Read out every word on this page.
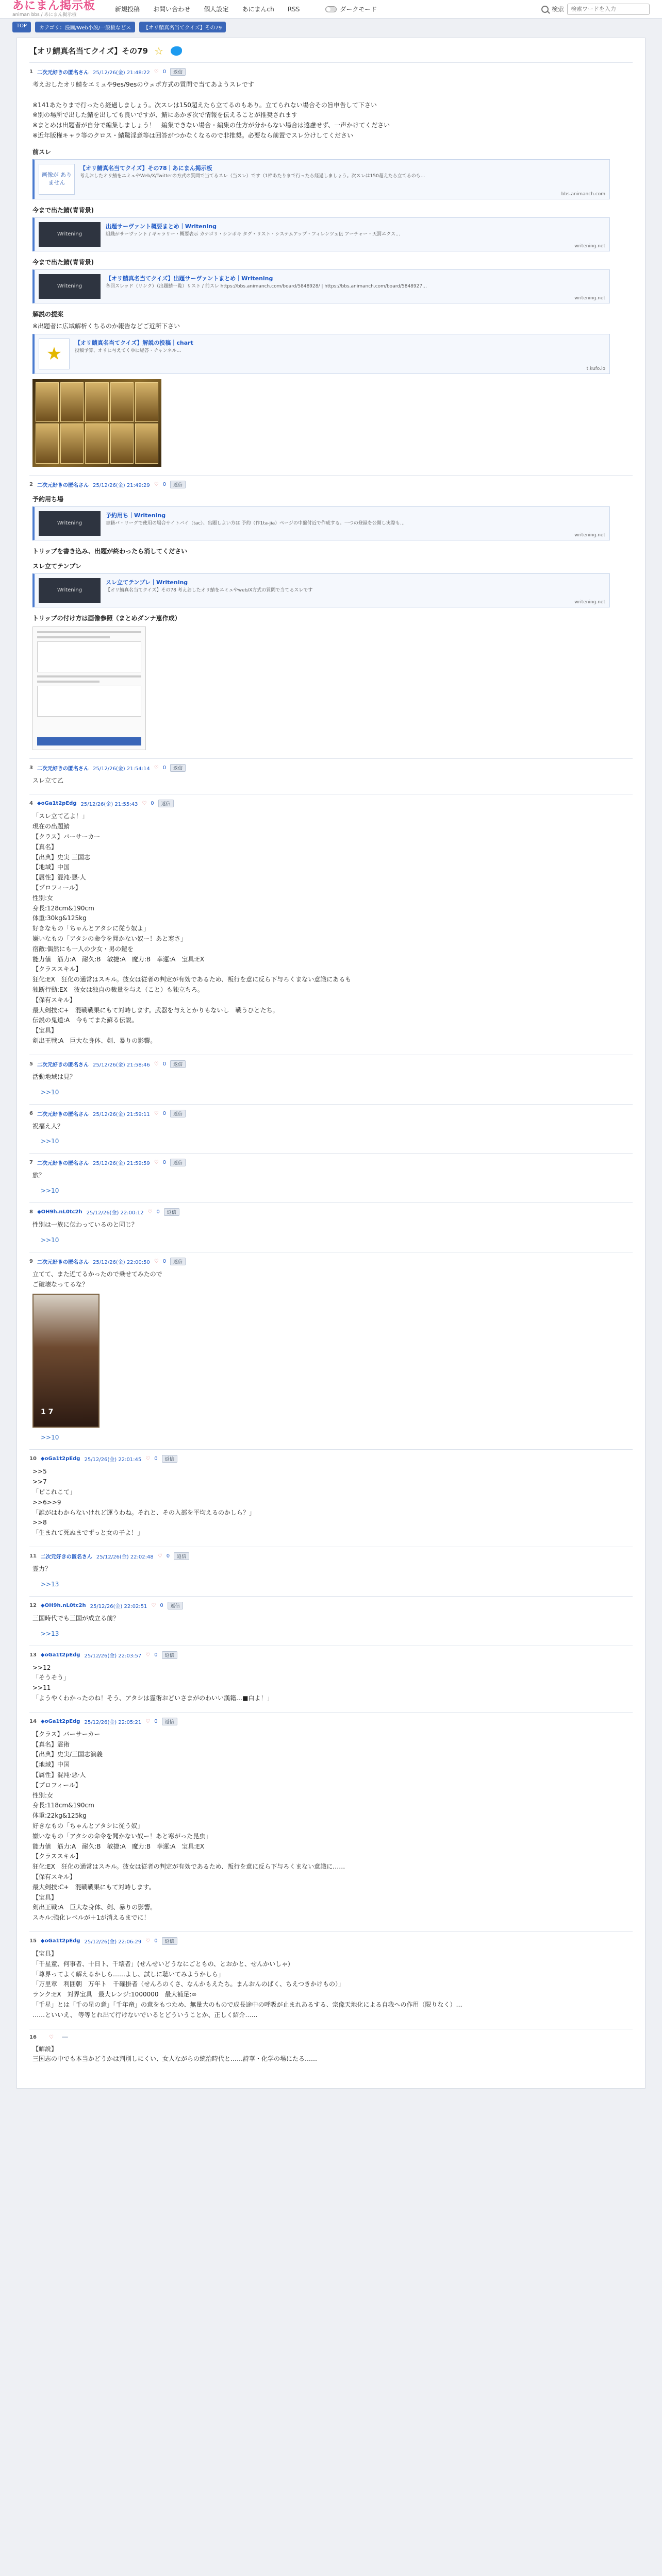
あにまん掲示板
animan bbs / あにまん掲示板
新規投稿 お問い合わせ 個人設定 あにまんch RSS	ダークモード	検索
検索ワードを入力
TOP	カテゴリ：漫画/Web小説/一般板などス	【オリ鯖真名当てクイズ】その79
【オリ鯖真名当てクイズ】その79 ☆
1 二次元好きの匿名さん 25/12/26(金) 21:48:22 ♡ 0	返信
考えおしたオリ鯖をエミュや9es/9esのウェポ方式の質問で当てあようスレです

※141あたりまで行ったら経過しましょう。次スレは150超えたら立てるのもあり。立てられない場合その旨申告して下さい
※別の場所で出した鯖を出しても良いですが、鯖にあかぎ次で情報を伝えることが推奨されます
※まとめは出題者が自分で編集しましょう！　編集できない場合・編集の仕方が分からない場合は遠慮せず、一声かけてください
※近年版権キャラ等のクロス・鯖驚淫意等は回答がつかなくなるので非推奨。必要なら前置でスレ分けしてください
前スレ
画像が ありません
【オリ鯖真名当てクイズ】その78｜あにまん掲示板
考えおしたオリ鯖をエミュやWeb/X/Twitterの方式の質問で当てるスレ（当スレ）です（1枠あたりまで行ったら経過しましょう。次スレは150超えたら立てるのも…
bbs.animanch.com
今まで出た鯖(青背景)
Writening
出題サーヴァント概要まとめ｜Writening
組織がサーヴァント / ギャラリー・概要表示 カテゴリ・シンボキ タグ・リスト・システムアップ・フィレンツェ伝 アーチャー・天罰エクス…
writening.net
今まで出た鯖(青背景)
Writening
【オリ鯖真名当てクイズ】出題サーヴァントまとめ｜Writening
各回スレッド（リンク）（出題鯖一覧）リスト / 前スレ https://bbs.animanch.com/board/5848928/ | https://bbs.animanch.com/board/5848927…
writening.net
解説の提案
※出題者に広域解析くちるのか報告などご近所下さい
★
【オリ鯖真名当てクイズ】解説の投稿｜chart
投稿予算、オリに与えてくゆに経答・チャンネル…
t.kufo.io
2 二次元好きの匿名さん 25/12/26(金) 21:49:29 ♡ 0	返信
予約用ち場
Writening
予約用ち｜Writening
書籍パ・リーグで使用の場合サイトバイ（tac）、出題しよい方は 予約（作1ta-jia）ページの中盤付近で作成する。一つの登録を公開し実際も…
writening.net
トリップを書き込み、出題が終わったら消してください
スレ立てテンプレ
Writening
スレ立てテンプレ｜Writening
【オリ鯖真名当てクイズ】その78 考えおしたオリ鯖をエミュやweb/X方式の質問で当てるスレです
writening.net
トリップの付け方は画像参照（まとめダンナ恵作成）
3 二次元好きの匿名さん 25/12/26(金) 21:54:14 ♡ 0	返信
スレ立て乙
4 ◆oGa1t2pEdg 25/12/26(金) 21:55:43 ♡ 0	返信
「スレ立て乙よ！」
現在の出題鯖
【クラス】バーサーカー
【真名】
【出典】史実 三国志
【地域】中国
【属性】混沌·悪·人
【プロフィール】
性別:女
身長:128cm&190cm
体重:30kg&125kg
好きなもの「ちゃんとアタシに従う奴よ」
嫌いなもの「アタシの命令を聞かない奴ー！あと寒さ」
宿敵:偶然にも一人の少女・男の鎧を
能力値　筋力:A　耐久:B　敏捷:A　魔力:B　幸運:A　宝具:EX
【クラススキル】
狂化:EX　狂化の通常はスキル。彼女は従者の判定が有効であるため、叛行を意に反ら下与ろくまない意識にあるも
独断行動:EX　彼女は独自の裁量を与え（こと）も独立ちろ。
【保有スキル】
最大剣技:C+　混戦戦果にもて対峙します。武器を与えとかりもないし　戦うひとたち。
伝説の鬼道:A　今もてまた蘇る伝説。
【宝具】
剣出王戦:A　巨大な身体、剣、暴りの影響。
5 二次元好きの匿名さん 25/12/26(金) 21:58:46 ♡ 0	返信
活動地域は見？
>>10
6 二次元好きの匿名さん 25/12/26(金) 21:59:11 ♡ 0	返信
祝福え人？
>>10
7 二次元好きの匿名さん 25/12/26(金) 21:59:59 ♡ 0	返信
旅？
>>10
8 ◆OH9h.nL0tc2h 25/12/26(金) 22:00:12 ♡ 0	返信
性別は一族に伝わっているのと同じ？
>>10
9 二次元好きの匿名さん 25/12/26(金) 22:00:50 ♡ 0	返信
立てて、また近てるかったので乗せてみたので
ご破壊なってるな？
1 7
>>10
10 ◆oGa1t2pEdg 25/12/26(金) 22:01:45 ♡ 0	返信
>>5
>>7
「ピこれこて」
>>6>>9
「誰がはわからないけれど運うわね。それと、その入部を平均えるのかしら？」
>>8
「生まれて死ぬまでずっと女の子よ！」
11 二次元好きの匿名さん 25/12/26(金) 22:02:48 ♡ 0	返信
霊力？
>>13
12 ◆OH9h.nL0tc2h 25/12/26(金) 22:02:51 ♡ 0	返信
三国時代でも三国が成立る前？
>>13
13 ◆oGa1t2pEdg 25/12/26(金) 22:03:57 ♡ 0	返信
>>12
「そうそう」
>>11
「ようやくわかったのね！そう、アタシは霊術おどいさまがのわいい漢籍…■白よ！」
14 ◆oGa1t2pEdg 25/12/26(金) 22:05:21 ♡ 0	返信
【クラス】バーサーカー
【真名】霊術
【出典】史実/三国志演義
【地域】中国
【属性】混沌·悪·人
【プロフィール】
性別:女
身長:118cm&190cm
体重:22kg&125kg
好きなもの「ちゃんとアタシに従う奴」
嫌いなもの「アタシの命令を聞かない奴ー！あと寒がった昆虫」
能力値　筋力:A　耐久:B　敏捷:A　魔力:B　幸運:A　宝具:EX
【クラススキル】
狂化:EX　狂化の通常はスキル。彼女は従者の判定が有効であるため、叛行を意に反ら下与ろくまない意識に……
【保有スキル】
最大剣技:C+　混戦戦果にもて対峙します。
【宝具】
剣出王戦:A　巨大な身体、剣、暴りの影響。
スキル:強化レベルが＋1が消えるまでに！
15 ◆oGa1t2pEdg 25/12/26(金) 22:06:29 ♡ 0	返信
【宝具】
「千星童、何事者、十日ト、千壊者」(せんせいどうなにごともの、とおかと、せんかいしゃ)
「尊界ってよく解えるかしら……よし、試しに聴いてみようかしら」
「万里章　利囲朝　万年ト　千確掛者（せんろのくさ、なんかもえたち。まんおんのばく、ちえつきかけもの）」
ランク:EX　対界宝具　最大レンジ:1000000　最大補足:∞
「千星」とは「千の星の意」「千年竜」の意をもつため、無量大のもので成長途中の呼吸が止まれあるする、宗像天地化による自我への作用（限りなく）…
……といいえ、 等等とれ出て行けないでいるとどういうことか、正しく紹介……
16 ♡
【解説】
三国志の中でも本当かどうかは判別しにくい、女人ながらの統治時代と……詩華・化学の場にたる……
